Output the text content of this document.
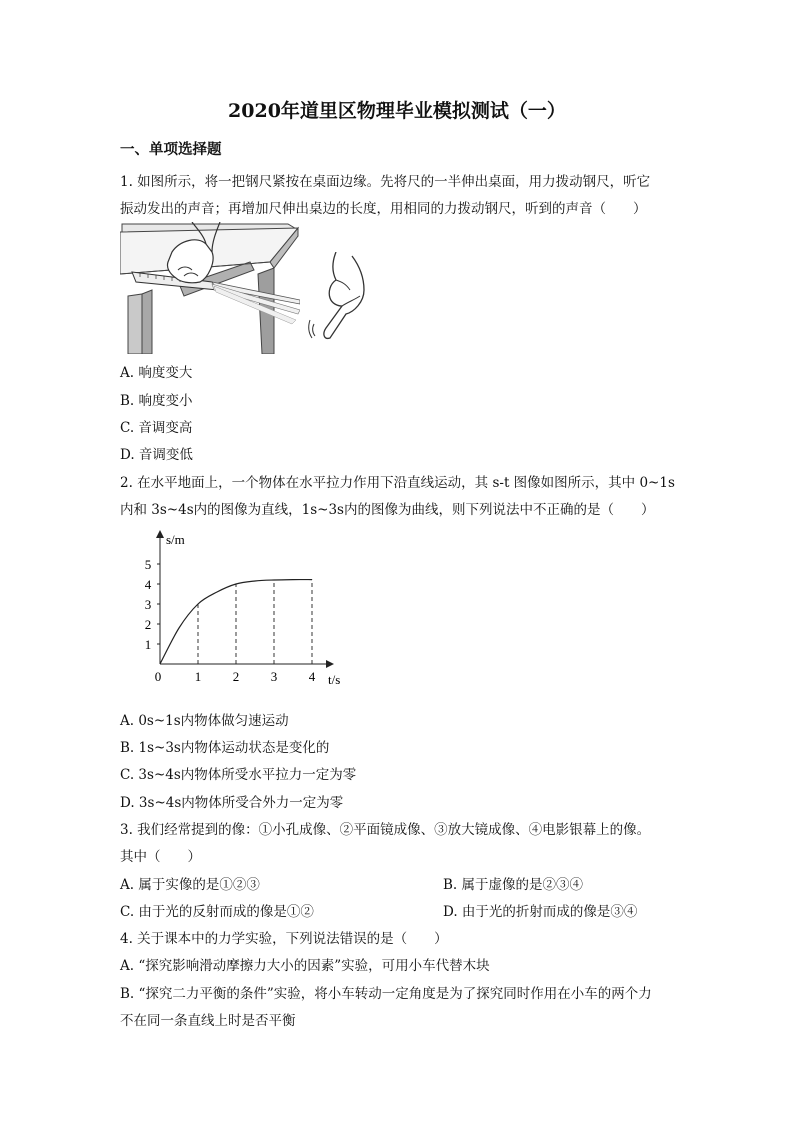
2020年道里区物理毕业模拟测试（一）
一、单项选择题
1. 如图所示，将一把钢尺紧按在桌面边缘。先将尺的一半伸出桌面，用力拨动钢尺，听它
振动发出的声音；再增加尺伸出桌边的长度，用相同的力拨动钢尺，听到的声音（　　）
A. 响度变大
B. 响度变小
C. 音调变高
D. 音调变低
2. 在水平地面上，一个物体在水平拉力作用下沿直线运动，其 s-t 图像如图所示，其中 0~1s
内和 3s~4s内的图像为直线，1s~3s内的图像为曲线，则下列说法中不正确的是（　　）
s/m
t/s
0	1 2 3 4
1
2
3
4
5
A. 0s~1s内物体做匀速运动
B. 1s~3s内物体运动状态是变化的
C. 3s~4s内物体所受水平拉力一定为零
D. 3s~4s内物体所受合外力一定为零
3. 我们经常提到的像：①小孔成像、②平面镜成像、③放大镜成像、④电影银幕上的像。
其中（　　）
A. 属于实像的是①②③	B. 属于虚像的是②③④
C. 由于光的反射而成的像是①②	D. 由于光的折射而成的像是③④
4. 关于课本中的力学实验，下列说法错误的是（　　）
A. “探究影响滑动摩擦力大小的因素”实验，可用小车代替木块
B. “探究二力平衡的条件”实验，将小车转动一定角度是为了探究同时作用在小车的两个力
不在同一条直线上时是否平衡
